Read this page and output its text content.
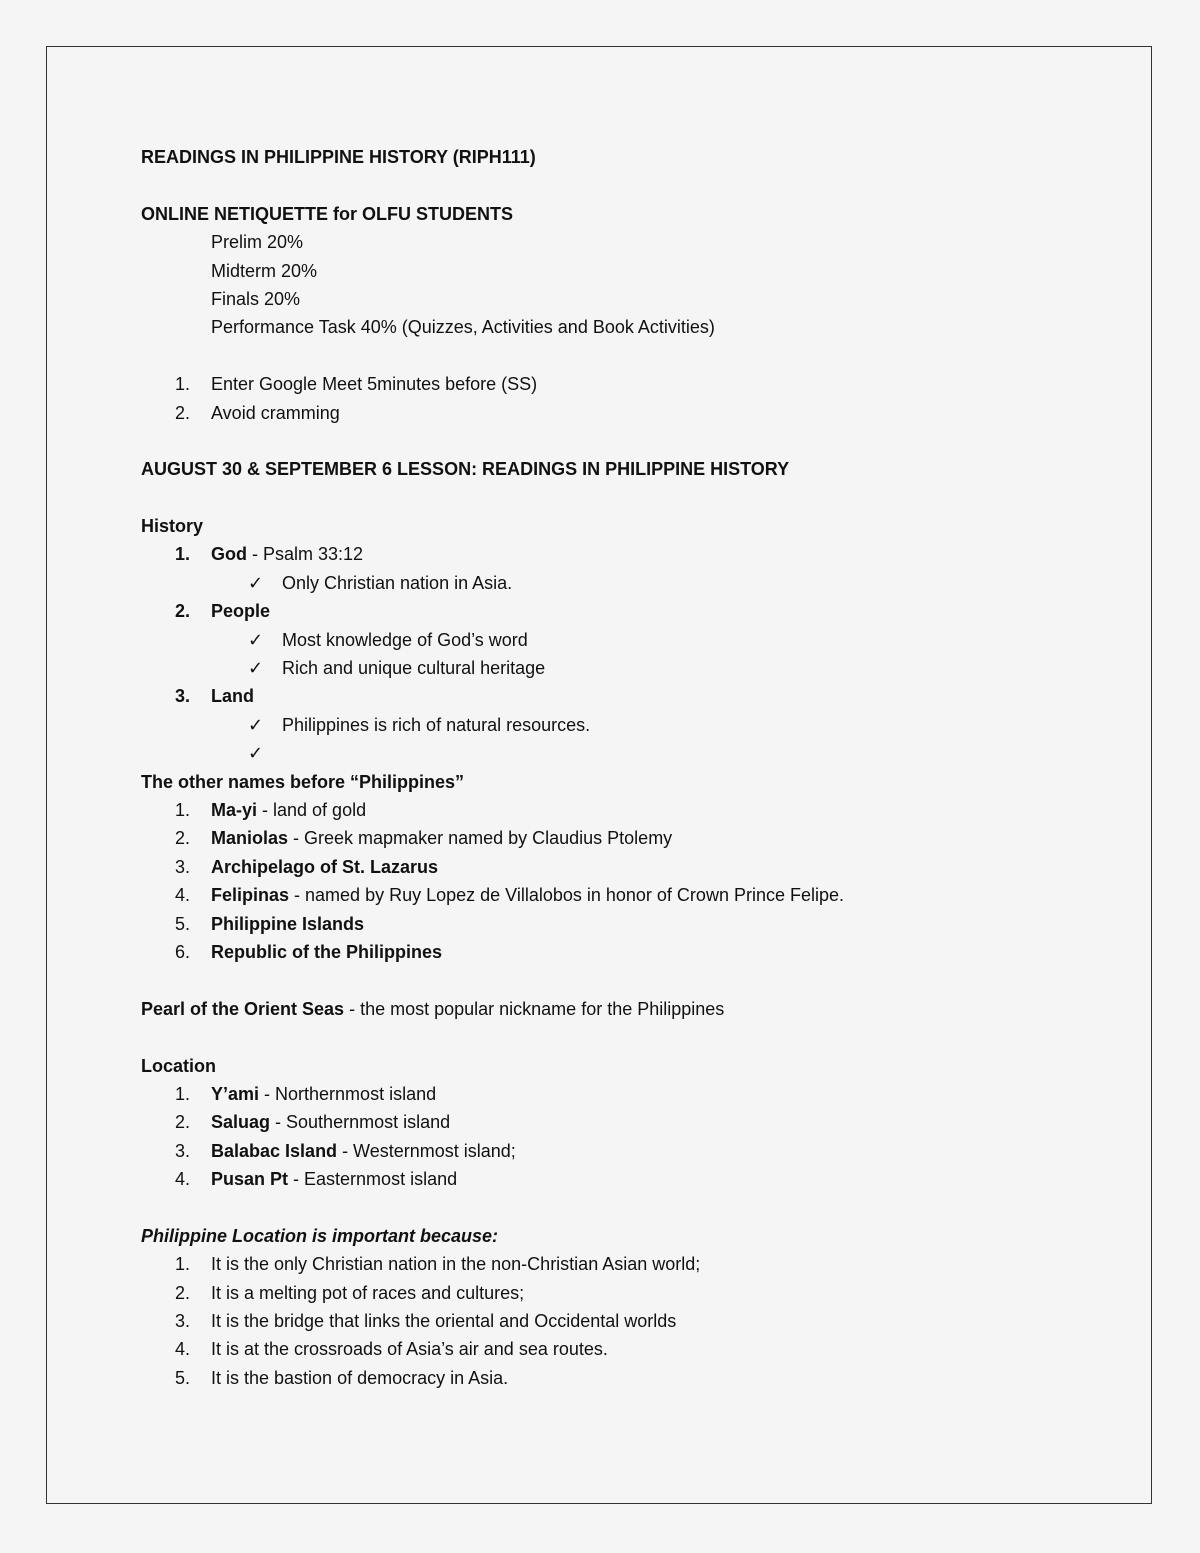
READINGS IN PHILIPPINE HISTORY (RIPH111)
ONLINE NETIQUETTE for OLFU STUDENTS
Prelim 20%
Midterm 20%
Finals 20%
Performance Task 40% (Quizzes, Activities and Book Activities)
1.	Enter Google Meet 5minutes before (SS)
2.	Avoid cramming
AUGUST 30 & SEPTEMBER 6 LESSON: READINGS IN PHILIPPINE HISTORY
History
1.	God - Psalm 33:12
✓ Only Christian nation in Asia.
2.	People
✓ Most knowledge of God’s word
✓ Rich and unique cultural heritage
3.	Land
✓ Philippines is rich of natural resources.
✓
The other names before “Philippines”
1.	Ma-yi - land of gold
2.	Maniolas - Greek mapmaker named by Claudius Ptolemy
3.	Archipelago of St. Lazarus
4.	Felipinas - named by Ruy Lopez de Villalobos in honor of Crown Prince Felipe.
5.	Philippine Islands
6.	Republic of the Philippines
Pearl of the Orient Seas - the most popular nickname for the Philippines
Location
1.	Y’ami - Northernmost island
2.	Saluag - Southernmost island
3.	Balabac Island - Westernmost island;
4.	Pusan Pt - Easternmost island
Philippine Location is important because:
1.	It is the only Christian nation in the non-Christian Asian world;
2.	It is a melting pot of races and cultures;
3.	It is the bridge that links the oriental and Occidental worlds
4.	It is at the crossroads of Asia’s air and sea routes.
5.	It is the bastion of democracy in Asia.
